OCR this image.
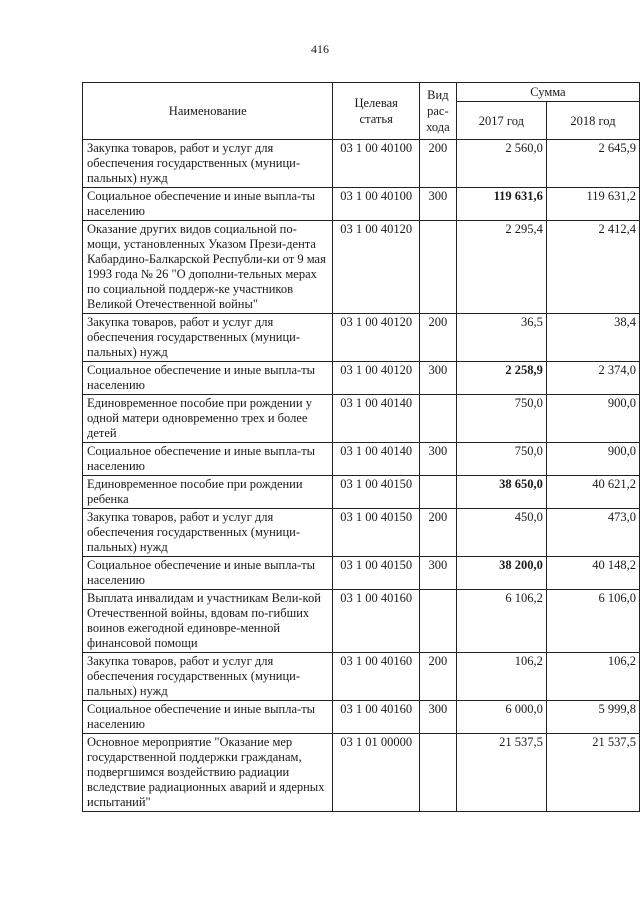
416
Наименование	Целевая статья	Вид рас-хода	Сумма	
			2017 год	2018 год
Закупка товаров, работ и услуг для обеспечения государственных (муници-пальных) нужд	03 1 00 40100	200	2 560,0	2 645,9
Социальное обеспечение и иные выпла-ты населению	03 1 00 40100	300	119 631,6	119 631,2
Оказание других видов социальной по-мощи, установленных Указом Прези-дента Кабардино-Балкарской Республи-ки от 9 мая 1993 года № 26 "О дополни-тельных мерах по социальной поддерж-ке участников Великой Отечественной войны"	03 1 00 40120		2 295,4	2 412,4
Закупка товаров, работ и услуг для обеспечения государственных (муници-пальных) нужд	03 1 00 40120	200	36,5	38,4
Социальное обеспечение и иные выпла-ты населению	03 1 00 40120	300	2 258,9	2 374,0
Единовременное пособие при рождении у одной матери одновременно трех и более детей	03 1 00 40140		750,0	900,0
Социальное обеспечение и иные выпла-ты населению	03 1 00 40140	300	750,0	900,0
Единовременное пособие при рождении ребенка	03 1 00 40150		38 650,0	40 621,2
Закупка товаров, работ и услуг для обеспечения государственных (муници-пальных) нужд	03 1 00 40150	200	450,0	473,0
Социальное обеспечение и иные выпла-ты населению	03 1 00 40150	300	38 200,0	40 148,2
Выплата инвалидам и участникам Вели-кой Отечественной войны, вдовам по-гибших воинов ежегодной единовре-менной финансовой помощи	03 1 00 40160		6 106,2	6 106,0
Закупка товаров, работ и услуг для обеспечения государственных (муници-пальных) нужд	03 1 00 40160	200	106,2	106,2
Социальное обеспечение и иные выпла-ты населению	03 1 00 40160	300	6 000,0	5 999,8
Основное мероприятие "Оказание мер государственной поддержки гражданам, подвергшимся воздействию радиации вследствие радиационных аварий и ядерных испытаний"	03 1 01 00000		21 537,5	21 537,5
